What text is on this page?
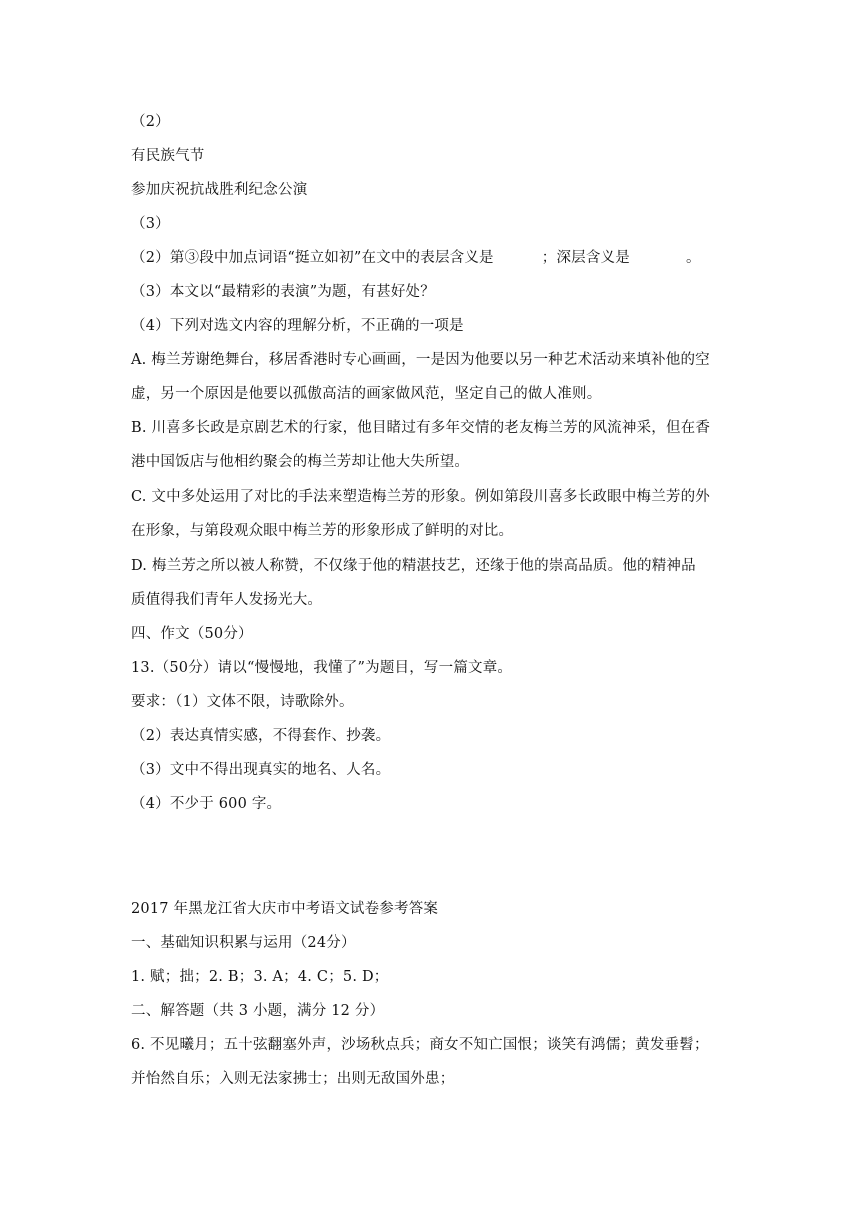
（2）
有民族气节
参加庆祝抗战胜利纪念公演
（3）
（2）第③段中加点词语“挺立如初”在文中的表层含义是	；深层含义是	。
（3）本文以“最精彩的表演”为题，有甚好处？
（4）下列对选文内容的理解分析，不正确的一项是
A. 梅兰芳谢绝舞台，移居香港时专心画画，一是因为他要以另一种艺术活动来填补他的空
虚，另一个原因是他要以孤傲高洁的画家做风范，坚定自己的做人准则。
B. 川喜多长政是京剧艺术的行家，他目睹过有多年交情的老友梅兰芳的风流神采，但在香
港中国饭店与他相约聚会的梅兰芳却让他大失所望。
C. 文中多处运用了对比的手法来塑造梅兰芳的形象。例如第段川喜多长政眼中梅兰芳的外
在形象，与第段观众眼中梅兰芳的形象形成了鲜明的对比。
D. 梅兰芳之所以被人称赞，不仅缘于他的精湛技艺，还缘于他的崇高品质。他的精神品
质值得我们青年人发扬光大。
四、作文（50分）
13.（50分）请以“慢慢地，我懂了”为题目，写一篇文章。
要求：（1）文体不限，诗歌除外。
（2）表达真情实感，不得套作、抄袭。
（3）文中不得出现真实的地名、人名。
（4）不少于 600 字。
2017 年黑龙江省大庆市中考语文试卷参考答案
一、基础知识积累与运用（24分）
1. 赋；拙；2. B；3. A；4. C；5. D；
二、解答题（共 3 小题，满分 12 分）
6. 不见曦月；五十弦翻塞外声，沙场秋点兵；商女不知亡国恨；谈笑有鸿儒；黄发垂髫；
并怡然自乐；入则无法家拂士；出则无敌国外患；
